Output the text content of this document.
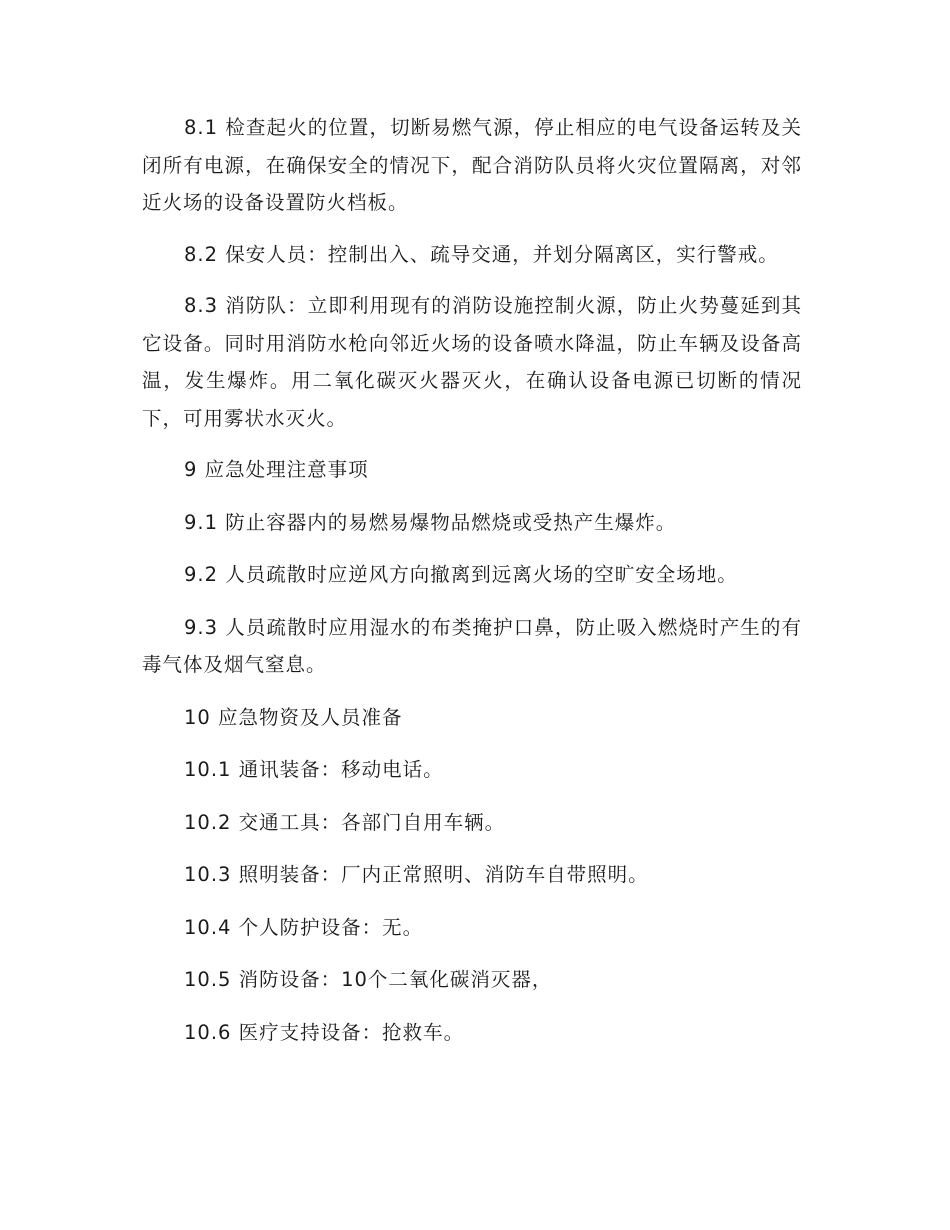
8.1 检查起火的位置，切断易燃气源，停止相应的电气设备运转及关闭所有电源，在确保安全的情况下，配合消防队员将火灾位置隔离，对邻近火场的设备设置防火档板。

8.2 保安人员：控制出入、疏导交通，并划分隔离区，实行警戒。

8.3 消防队：立即利用现有的消防设施控制火源，防止火势蔓延到其它设备。同时用消防水枪向邻近火场的设备喷水降温，防止车辆及设备高温，发生爆炸。用二氧化碳灭火器灭火，在确认设备电源已切断的情况下，可用雾状水灭火。

9 应急处理注意事项

9.1 防止容器内的易燃易爆物品燃烧或受热产生爆炸。

9.2 人员疏散时应逆风方向撤离到远离火场的空旷安全场地。

9.3 人员疏散时应用湿水的布类掩护口鼻，防止吸入燃烧时产生的有毒气体及烟气窒息。

10 应急物资及人员准备

10.1 通讯装备：移动电话。

10.2 交通工具：各部门自用车辆。

10.3 照明装备：厂内正常照明、消防车自带照明。

10.4 个人防护设备：无。

10.5 消防设备：10个二氧化碳消灭器，

10.6 医疗支持设备：抢救车。
